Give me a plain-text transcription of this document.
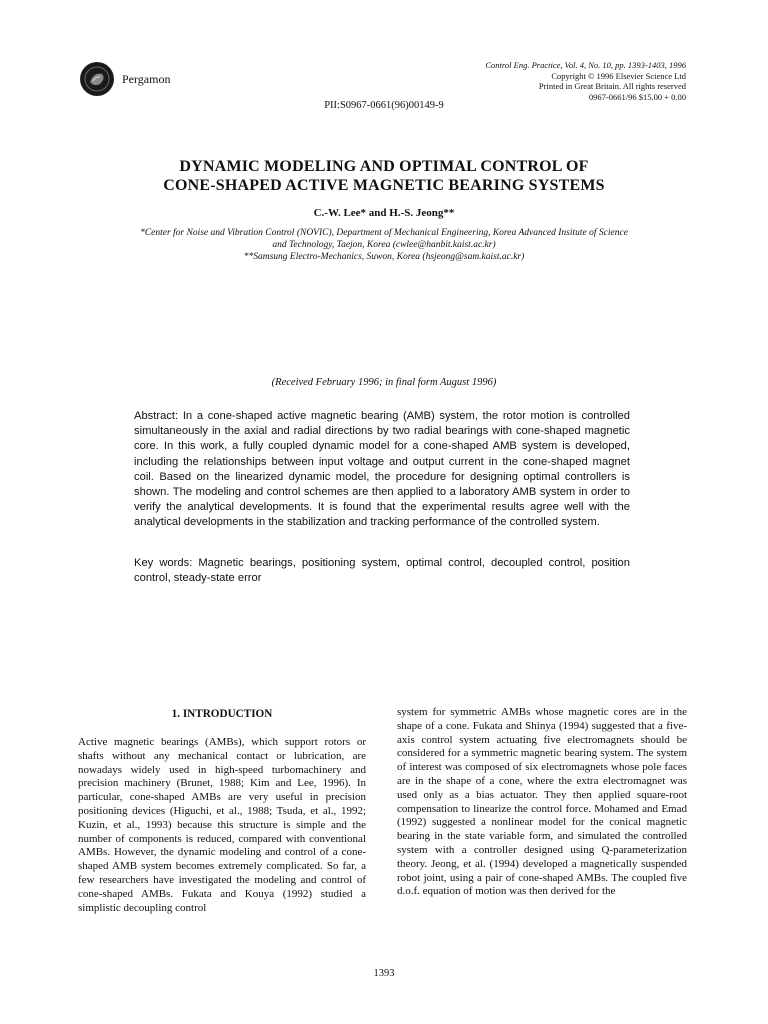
Pergamon
Control Eng. Practice, Vol. 4, No. 10, pp. 1393-1403, 1996
Copyright © 1996 Elsevier Science Ltd
Printed in Great Britain. All rights reserved
0967-0661/96 $15.00 + 0.00
PII:S0967-0661(96)00149-9
DYNAMIC MODELING AND OPTIMAL CONTROL OF
CONE-SHAPED ACTIVE MAGNETIC BEARING SYSTEMS
C.-W. Lee* and H.-S. Jeong**
*Center for Noise and Vibration Control (NOVIC), Department of Mechanical Engineering, Korea Advanced Insitute of Science
and Technology, Taejon, Korea (cwlee@hanbit.kaist.ac.kr)
**Samsung Electro-Mechanics, Suwon, Korea (hsjeong@sam.kaist.ac.kr)
(Received February 1996; in final form August 1996)
Abstract: In a cone-shaped active magnetic bearing (AMB) system, the rotor motion is controlled simultaneously in the axial and radial directions by two radial bearings with cone-shaped magnetic core. In this work, a fully coupled dynamic model for a cone-shaped AMB system is developed, including the relationships between input voltage and output current in the cone-shaped magnet coil. Based on the linearized dynamic model, the procedure for designing optimal controllers is shown. The modeling and control schemes are then applied to a laboratory AMB system in order to verify the analytical developments. It is found that the experimental results agree well with the analytical developments in the stabilization and tracking performance of the controlled system.
Key words: Magnetic bearings, positioning system, optimal control, decoupled control, position control, steady-state error
1. INTRODUCTION

Active magnetic bearings (AMBs), which support rotors or shafts without any mechanical contact or lubrication, are nowadays widely used in high-speed turbomachinery and precision machinery (Brunet, 1988; Kim and Lee, 1996). In particular, cone-shaped AMBs are very useful in precision positioning devices (Higuchi, et al., 1988; Tsuda, et al., 1992; Kuzin, et al., 1993) because this structure is simple and the number of components is reduced, compared with conventional AMBs. However, the dynamic modeling and control of a cone-shaped AMB system becomes extremely complicated. So far, a few researchers have investigated the modeling and control of cone-shaped AMBs. Fukata and Kouya (1992) studied a simplistic decoupling control

system for symmetric AMBs whose magnetic cores are in the shape of a cone. Fukata and Shinya (1994) suggested that a five-axis control system actuating five electromagnets should be considered for a symmetric magnetic bearing system. The system of interest was composed of six electromagnets whose pole faces are in the shape of a cone, where the extra electromagnet was used only as a bias actuator. They then applied square-root compensation to linearize the control force. Mohamed and Emad (1992) suggested a nonlinear model for the conical magnetic bearing in the state variable form, and simulated the controlled system with a controller designed using Q-parameterization theory. Jeong, et al. (1994) developed a magnetically suspended robot joint, using a pair of cone-shaped AMBs. The coupled five d.o.f. equation of motion was then derived for the

1393
